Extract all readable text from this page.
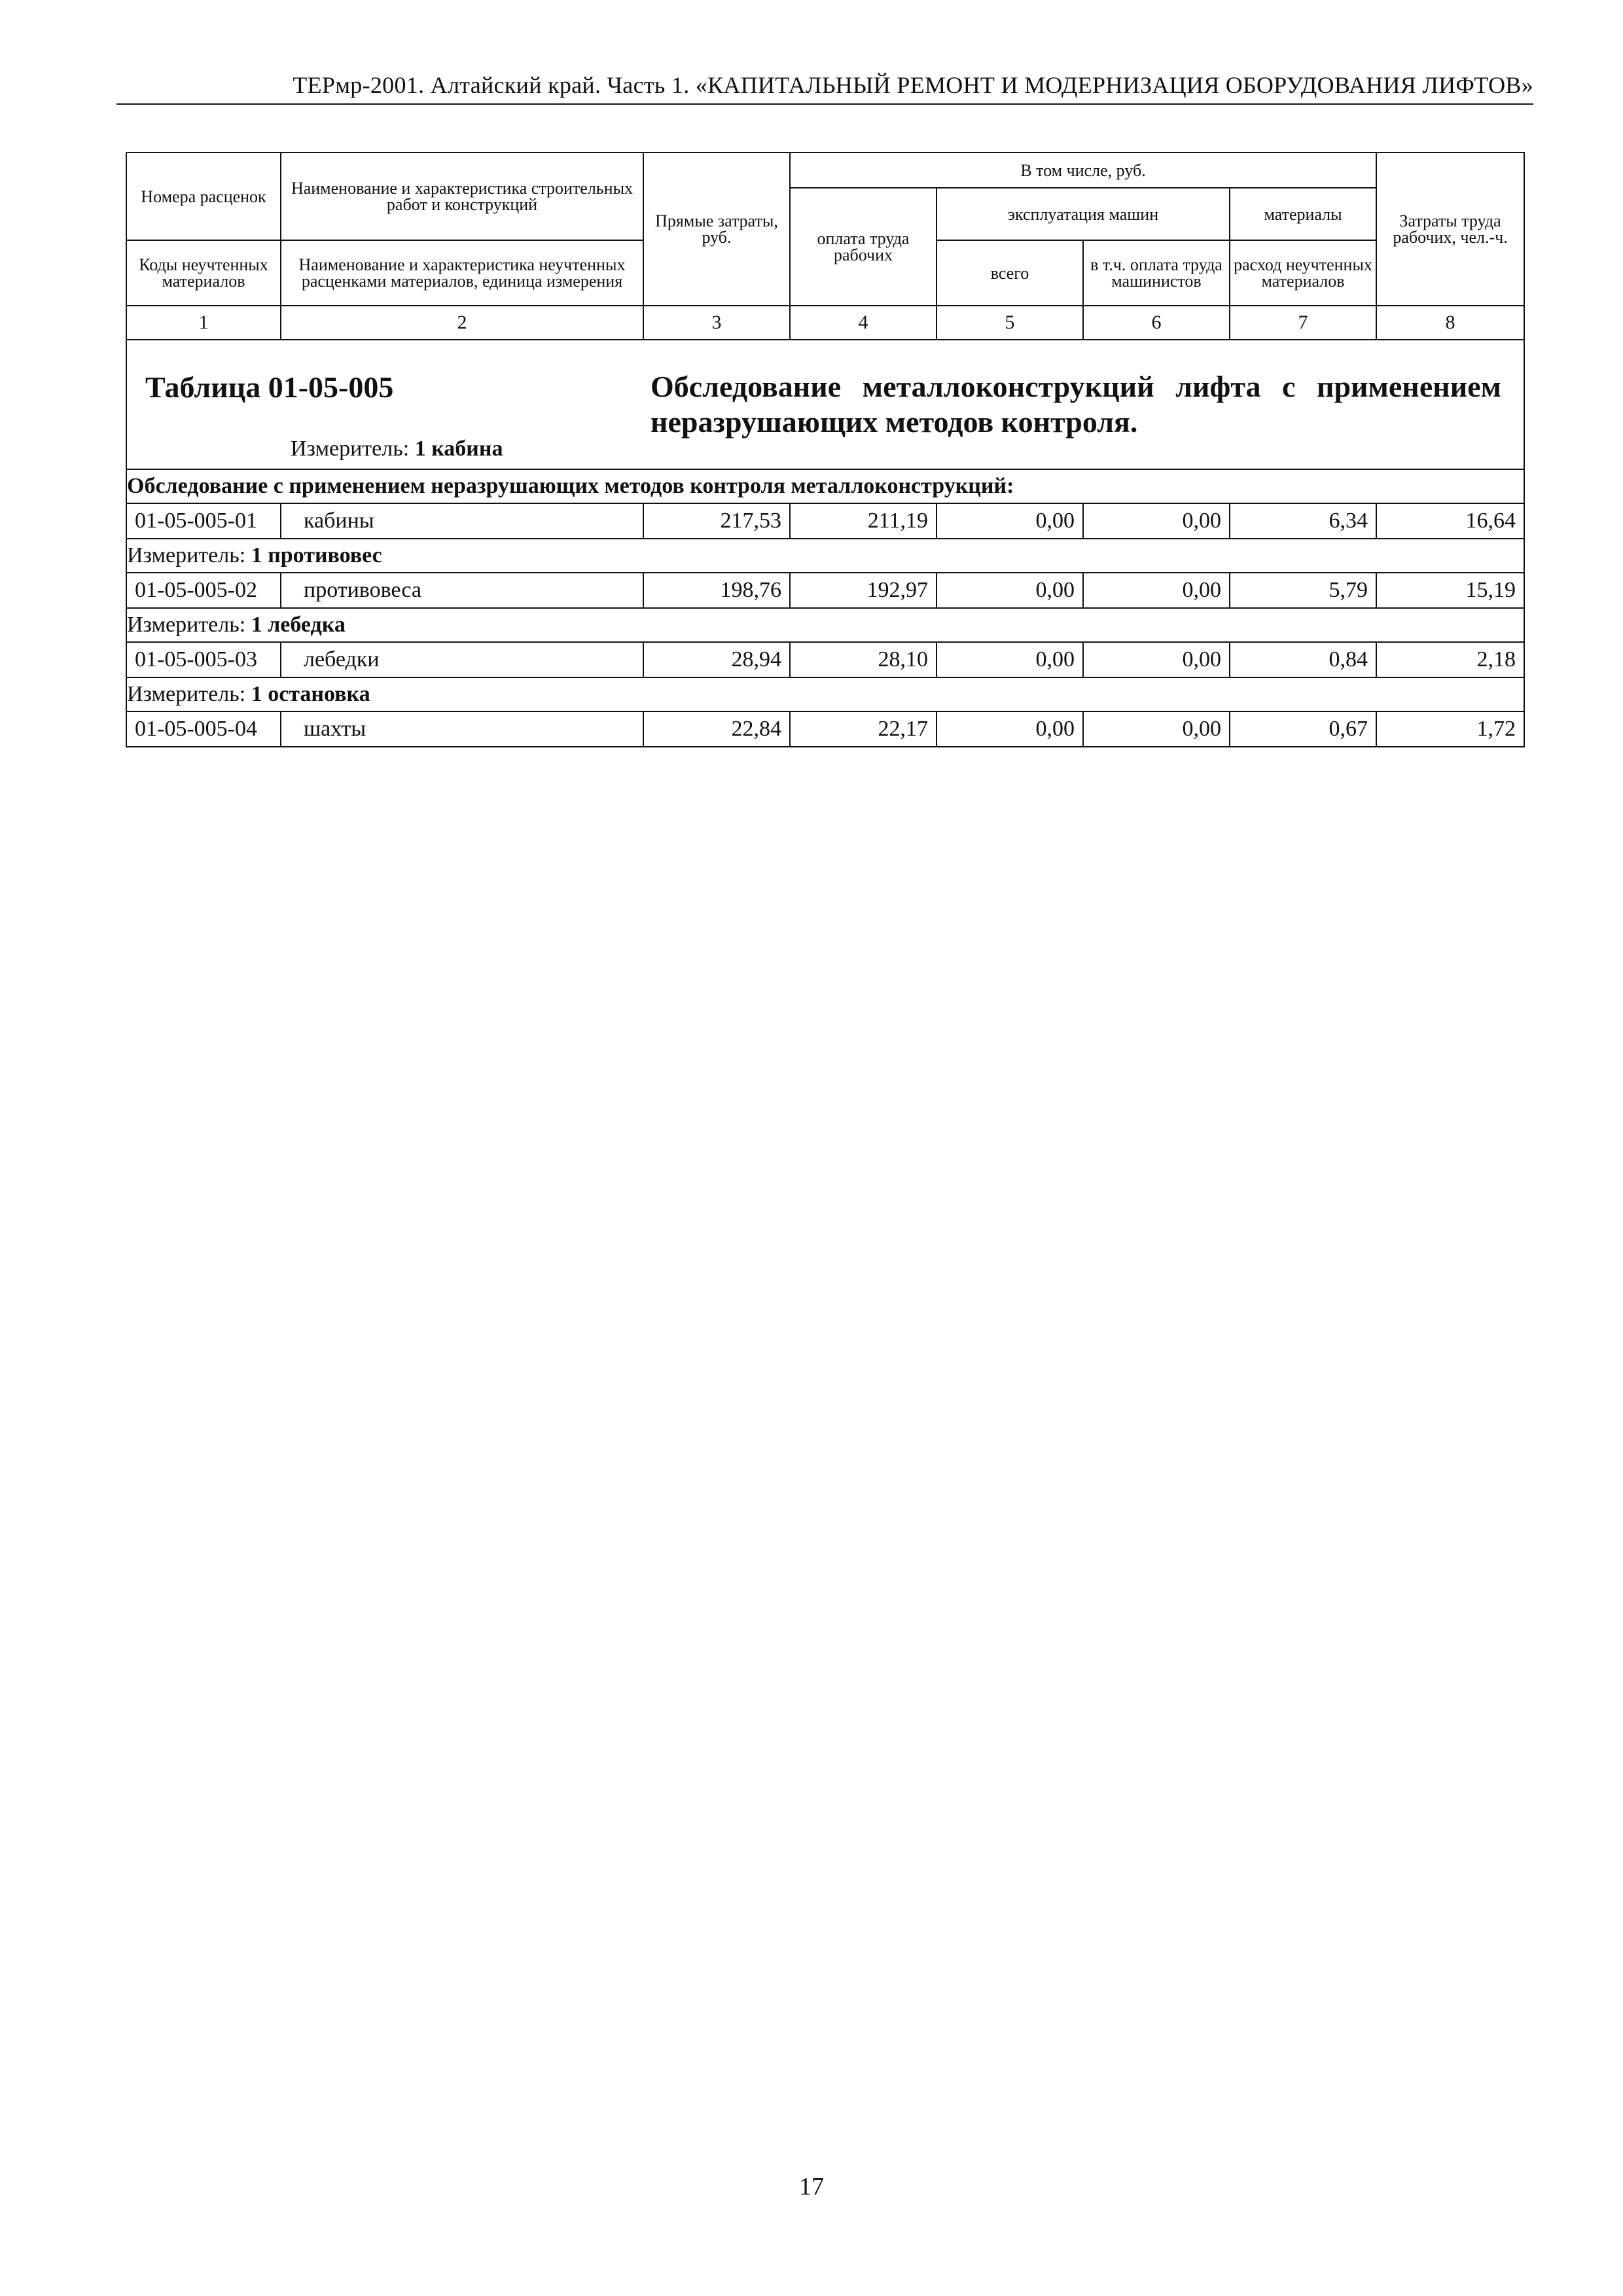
ТЕРмр-2001. Алтайский край. Часть 1. «КАПИТАЛЬНЫЙ РЕМОНТ И МОДЕРНИЗАЦИЯ ОБОРУДОВАНИЯ ЛИФТОВ»
Номера расценок	Наименование и характеристика строительных работ и конструкций	Прямые затраты, руб.	В том числе, руб.				Затраты труда рабочих, чел.-ч.
			оплата труда рабочих	эксплуатация машин		материалы	
Коды неучтенных материалов	Наименование и характеристика неучтенных расценками материалов, единица измерения			всего	в т.ч. оплата труда машинистов	расход неучтенных материалов	
1	2	3	4	5	6	7	8

Таблица 01-05-005 Обследование металлоконструкций лифта с применением неразрушающих методов контроля.
Измеритель: 1 кабина							

Обследование с применением неразрушающих методов контроля металлоконструкций:							
01-05-005-01	кабины	217,53	211,19	0,00	0,00	6,34	16,64
Измеритель: 1 противовес							
01-05-005-02	противовеса	198,76	192,97	0,00	0,00	5,79	15,19
Измеритель: 1 лебедка							
01-05-005-03	лебедки	28,94	28,10	0,00	0,00	0,84	2,18
Измеритель: 1 остановка							
01-05-005-04	шахты	22,84	22,17	0,00	0,00	0,67	1,72
17
